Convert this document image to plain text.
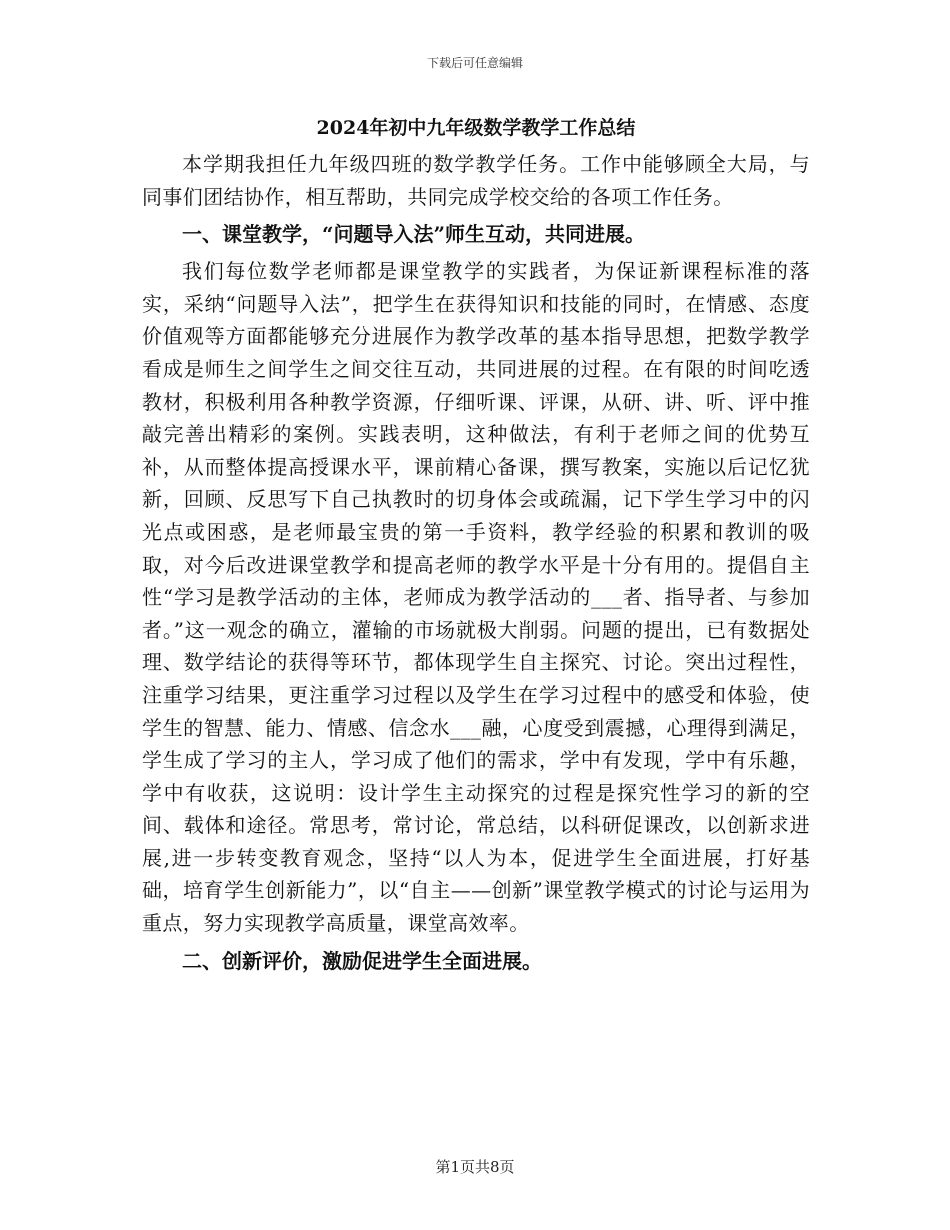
下载后可任意编辑
2024年初中九年级数学教学工作总结

本学期我担任九年级四班的数学教学任务。工作中能够顾全大局，与同事们团结协作，相互帮助，共同完成学校交给的各项工作任务。

一、课堂教学，“问题导入法”师生互动，共同进展。

我们每位数学老师都是课堂教学的实践者，为保证新课程标准的落实，采纳“问题导入法”，把学生在获得知识和技能的同时，在情感、态度价值观等方面都能够充分进展作为教学改革的基本指导思想，把数学教学看成是师生之间学生之间交往互动，共同进展的过程。在有限的时间吃透教材，积极利用各种教学资源，仔细听课、评课，从研、讲、听、评中推敲完善出精彩的案例。实践表明，这种做法，有利于老师之间的优势互补，从而整体提高授课水平，课前精心备课，撰写教案，实施以后记忆犹新，回顾、反思写下自己执教时的切身体会或疏漏，记下学生学习中的闪光点或困惑，是老师最宝贵的第一手资料，教学经验的积累和教训的吸取，对今后改进课堂教学和提高老师的教学水平是十分有用的。提倡自主性“学习是教学活动的主体，老师成为教学活动的___者、指导者、与参加者。”这一观念的确立，灌输的市场就极大削弱。问题的提出，已有数据处理、数学结论的获得等环节，都体现学生自主探究、讨论。突出过程性，注重学习结果，更注重学习过程以及学生在学习过程中的感受和体验，使学生的智慧、能力、情感、信念水___融，心度受到震撼，心理得到满足，学生成了学习的主人，学习成了他们的需求，学中有发现，学中有乐趣，学中有收获，这说明：设计学生主动探究的过程是探究性学习的新的空间、载体和途径。常思考，常讨论，常总结，以科研促课改，以创新求进展,进一步转变教育观念，坚持“以人为本，促进学生全面进展，打好基础，培育学生创新能力”，以“自主——创新”课堂教学模式的讨论与运用为重点，努力实现教学高质量，课堂高效率。

二、创新评价，激励促进学生全面进展。

第1页共8页
